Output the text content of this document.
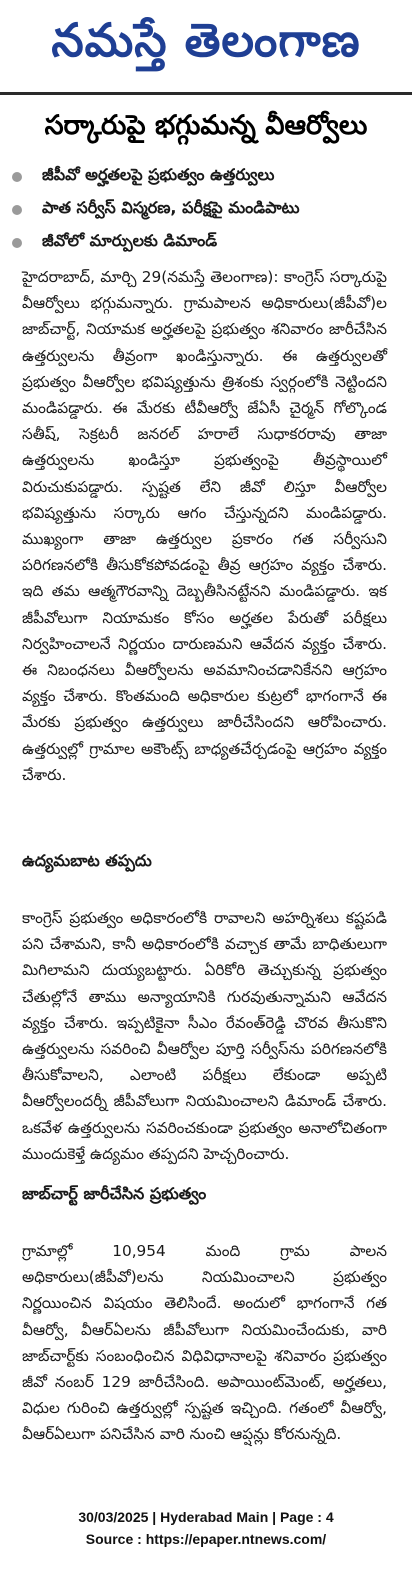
నమస్తే తెలంగాణ
సర్కారుపై భగ్గుమన్న వీఆర్వోలు
జీపీవో అర్హతలపై ప్రభుత్వం ఉత్తర్వులు
పాత సర్వీస్ విస్మరణ, పరీక్షపై మండిపాటు
జీవోలో మార్పులకు డిమాండ్
హైదరాబాద్, మార్చి 29(నమస్తే తెలంగాణ): కాంగ్రెస్ సర్కారుపై వీఆర్వోలు భగ్గుమన్నారు. గ్రామపాలన అధికారులు(జీపీవో)ల జాబ్‌చార్ట్, నియామక అర్హతలపై ప్రభుత్వం శనివారం జారీచేసిన ఉత్తర్వులను తీవ్రంగా ఖండిస్తున్నారు. ఈ ఉత్తర్వులతో ప్రభుత్వం వీఆర్వోల భవిష్యత్తును త్రిశంకు స్వర్గంలోకి నెట్టిందని మండిపడ్డారు. ఈ మేరకు టీవీఆర్వో జేఏసీ చైర్మన్ గోల్కొండ సతీష్, సెక్రటరీ జనరల్ హరాలే సుధాకరరావు తాజా ఉత్తర్వులను ఖండిస్తూ ప్రభుత్వంపై తీవ్రస్థాయిలో విరుచుకుపడ్డారు. స్పష్టత లేని జీవో లిస్తూ వీఆర్వోల భవిష్యత్తును సర్కారు ఆగం చేస్తున్నదని మండిపడ్డారు. ముఖ్యంగా తాజా ఉత్తర్వుల ప్రకారం గత సర్వీసుని పరిగణనలోకి తీసుకోకపోవడంపై తీవ్ర ఆగ్రహం వ్యక్తం చేశారు. ఇది తమ ఆత్మగౌరవాన్ని దెబ్బతీసినట్టేనని మండిపడ్డారు. ఇక జీపీవోలుగా నియామకం కోసం అర్హతల పేరుతో పరీక్షలు నిర్వహించాలనే నిర్ణయం దారుణమని ఆవేదన వ్యక్తం చేశారు. ఈ నిబంధనలు వీఆర్వోలను అవమానించడానికేనని ఆగ్రహం వ్యక్తం చేశారు. కొంతమంది అధికారుల కుట్రలో భాగంగానే ఈ మేరకు ప్రభుత్వం ఉత్తర్వులు జారీచేసిందని ఆరోపించారు. ఉత్తర్వుల్లో గ్రామాల అకౌంట్స్ బాధ్యతచేర్చడంపై ఆగ్రహం వ్యక్తం చేశారు.
ఉద్యమబాట తప్పదు
కాంగ్రెస్ ప్రభుత్వం అధికారంలోకి రావాలని అహర్నిశలు కష్టపడి పని చేశామని, కానీ అధికారంలోకి వచ్చాక తామే బాధితులుగా మిగిలామని దుయ్యబట్టారు. ఏరికోరి తెచ్చుకున్న ప్రభుత్వం చేతుల్లోనే తాము అన్యాయానికి గురవుతున్నామని ఆవేదన వ్యక్తం చేశారు. ఇప్పటికైనా సీఎం రేవంత్‌రెడ్డి చొరవ తీసుకొని ఉత్తర్వులను సవరించి వీఆర్వోల పూర్తి సర్వీస్‌ను పరిగణనలోకి తీసుకోవాలని, ఎలాంటి పరీక్షలు లేకుండా అప్పటి వీఆర్వోలందర్నీ జీపీవోలుగా నియమించాలని డిమాండ్ చేశారు. ఒకవేళ ఉత్తర్వులను సవరించకుండా ప్రభుత్వం అనాలోచితంగా ముందుకెళ్తే ఉద్యమం తప్పదని హెచ్చరించారు.
జాబ్‌చార్ట్ జారీచేసిన ప్రభుత్వం
గ్రామాల్లో 10,954 మంది గ్రామ పాలన అధికారులు(జీపీవో)లను నియమించాలని ప్రభుత్వం నిర్ణయించిన విషయం తెలిసిందే. అందులో భాగంగానే గత వీఆర్వో, వీఆర్ఏలను జీపీవోలుగా నియమించేందుకు, వారి జాబ్‌చార్ట్‌కు సంబంధించిన విధివిధానాలపై శనివారం ప్రభుత్వం జీవో నంబర్ 129 జారీచేసింది. అపాయింట్‌మెంట్, అర్హతలు, విధుల గురించి ఉత్తర్వుల్లో స్పష్టత ఇచ్చింది. గతంలో వీఆర్వో, వీఆర్ఏలుగా పనిచేసిన వారి నుంచి ఆప్షన్లు కోరనున్నది.
30/03/2025 | Hyderabad Main | Page : 4
Source : https://epaper.ntnews.com/
